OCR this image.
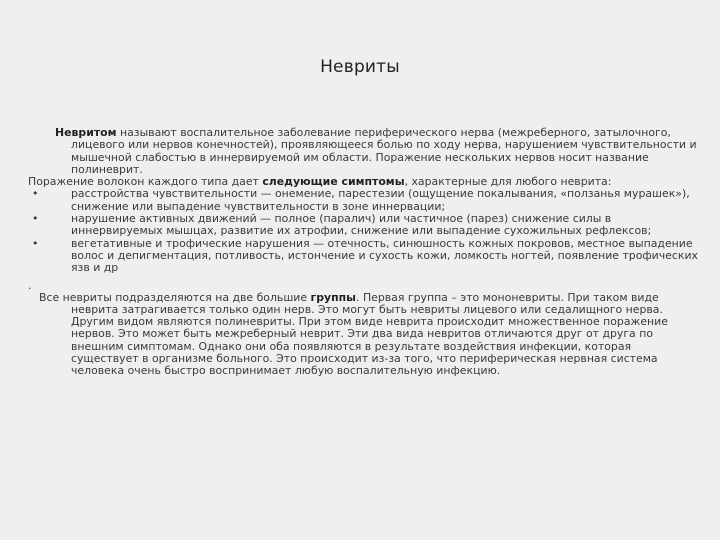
Невриты

Невритом называют воспалительное заболевание периферического нерва (межреберного, затылочного, лицевого или нервов конечностей), проявляющееся болью по ходу нерва, нарушением чувствительности и мышечной слабостью в иннервируемой им области. Поражение нескольких нервов носит название полиневрит.

Поражение волокон каждого типа дает следующие симптомы, характерные для любого неврита:

•	расстройства чувствительности — онемение, парестезии (ощущение покалывания, «ползанья мурашек»), снижение или выпадение чувствительности в зоне иннервации;
•	нарушение активных движений — полное (паралич) или частичное (парез) снижение силы в иннервируемых мышцах, развитие их атрофии, снижение или выпадение сухожильных рефлексов;
•	вегетативные и трофические нарушения — отечность, синюшность кожных покровов, местное выпадение волос и депигментация, потливость, истончение и сухость кожи, ломкость ногтей, появление трофических язв и др

.

Все невриты подразделяются на две большие группы. Первая группа – это мононевриты. При таком виде неврита затрагивается только один нерв. Это могут быть невриты лицевого или седалищного нерва. Другим видом являются полиневриты. При этом виде неврита происходит множественное поражение нервов. Это может быть межреберный неврит. Эти два вида невритов отличаются друг от друга по внешним симптомам. Однако они оба появляются в результате воздействия инфекции, которая существует в организме больного. Это происходит из-за того, что периферическая нервная система человека очень быстро воспринимает любую воспалительную инфекцию.
